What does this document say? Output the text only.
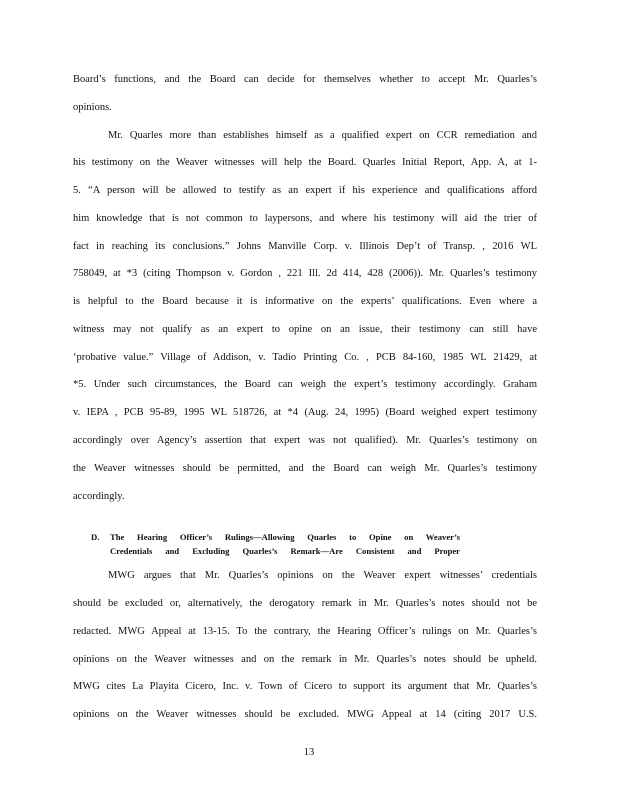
Board’s functions, and the Board can decide for themselves whether to accept Mr. Quarles’s
opinions.
Mr. Quarles more than establishes himself as a qualified expert on CCR remediation and
his testimony on the Weaver witnesses will help the Board. Quarles Initial Report, App. A, at 1-
5. “A person will be allowed to testify as an expert if his experience and qualifications afford
him knowledge that is not common to laypersons, and where his testimony will aid the trier of
fact in reaching its conclusions.” Johns Manville Corp. v. Illinois Dep’t of Transp. , 2016 WL
758049, at *3 (citing Thompson v. Gordon , 221 Ill. 2d 414, 428 (2006)). Mr. Quarles’s testimony
is helpful to the Board because it is informative on the experts’ qualifications. Even where a
witness may not qualify as an expert to opine on an issue, their testimony can still have
‘probative value.” Village of Addison, v. Tadio Printing Co. , PCB 84-160, 1985 WL 21429, at
*5. Under such circumstances, the Board can weigh the expert’s testimony accordingly. Graham
v. IEPA , PCB 95-89, 1995 WL 518726, at *4 (Aug. 24, 1995) (Board weighed expert testimony
accordingly over Agency’s assertion that expert was not qualified). Mr. Quarles’s testimony on
the Weaver witnesses should be permitted, and the Board can weigh Mr. Quarles’s testimony
accordingly.
D. The Hearing Officer’s Rulings—Allowing Quarles to Opine on Weaver’s
Credentials and Excluding Quarles’s Remark—Are Consistent and Proper
MWG argues that Mr. Quarles’s opinions on the Weaver expert witnesses’ credentials
should be excluded or, alternatively, the derogatory remark in Mr. Quarles’s notes should not be
redacted. MWG Appeal at 13-15. To the contrary, the Hearing Officer’s rulings on Mr. Quarles’s
opinions on the Weaver witnesses and on the remark in Mr. Quarles’s notes should be upheld.
MWG cites La Playita Cicero, Inc. v. Town of Cicero to support its argument that Mr. Quarles’s
opinions on the Weaver witnesses should be excluded. MWG Appeal at 14 (citing 2017 U.S.
13
